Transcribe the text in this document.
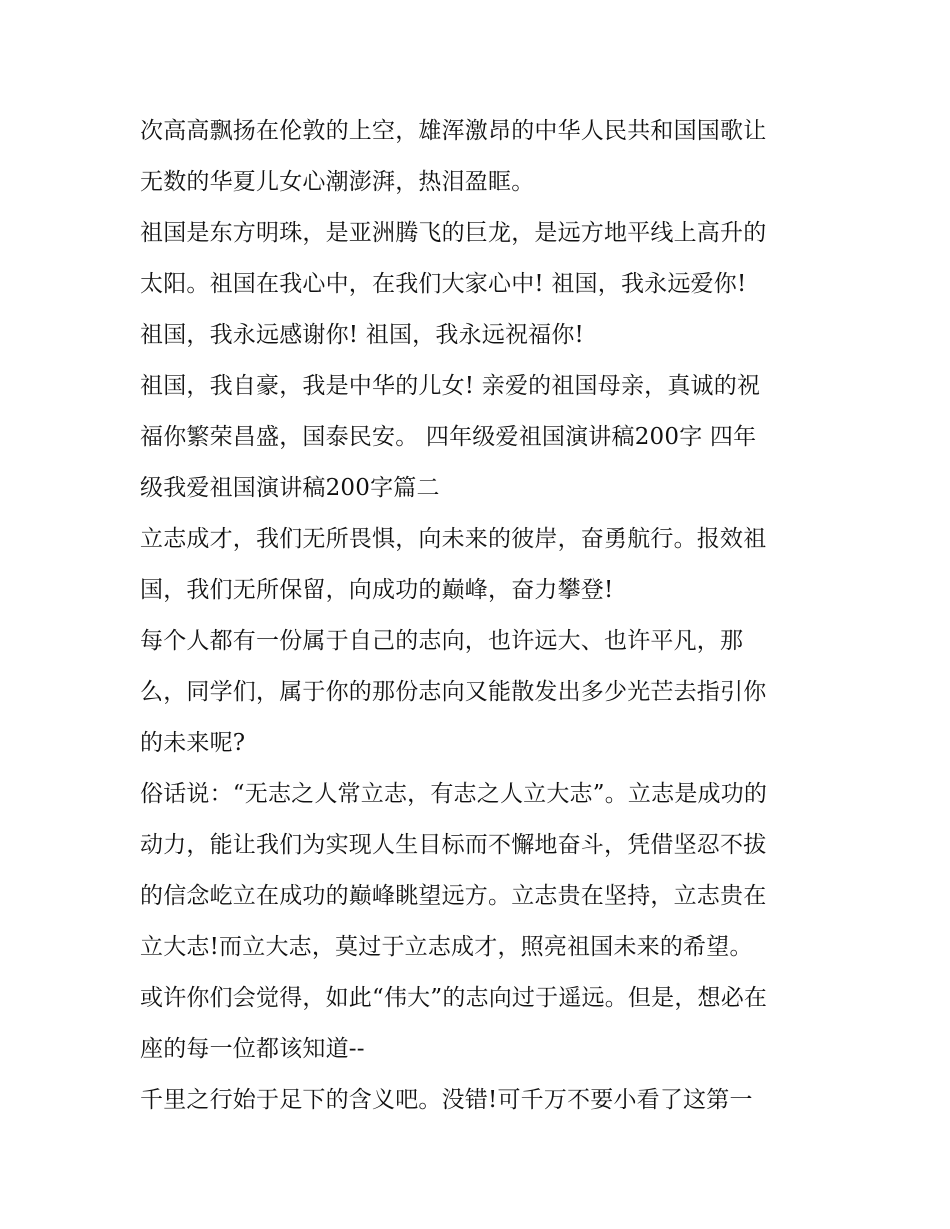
次高高飘扬在伦敦的上空，雄浑激昂的中华人民共和国国歌让
无数的华夏儿女心潮澎湃，热泪盈眶。
祖国是东方明珠，是亚洲腾飞的巨龙，是远方地平线上高升的
太阳。祖国在我心中，在我们大家心中! 祖国，我永远爱你!
祖国，我永远感谢你! 祖国，我永远祝福你!
祖国，我自豪，我是中华的儿女! 亲爱的祖国母亲，真诚的祝
福你繁荣昌盛，国泰民安。 四年级爱祖国演讲稿200字 四年
级我爱祖国演讲稿200字篇二
立志成才，我们无所畏惧，向未来的彼岸，奋勇航行。报效祖
国，我们无所保留，向成功的巅峰，奋力攀登!
每个人都有一份属于自己的志向，也许远大、也许平凡，那
么，同学们，属于你的那份志向又能散发出多少光芒去指引你
的未来呢?
俗话说：“无志之人常立志，有志之人立大志”。立志是成功的
动力，能让我们为实现人生目标而不懈地奋斗，凭借坚忍不拔
的信念屹立在成功的巅峰眺望远方。立志贵在坚持，立志贵在
立大志!而立大志，莫过于立志成才，照亮祖国未来的希望。
或许你们会觉得，如此“伟大”的志向过于遥远。但是，想必在
座的每一位都该知道--
千里之行始于足下的含义吧。没错!可千万不要小看了这第一
